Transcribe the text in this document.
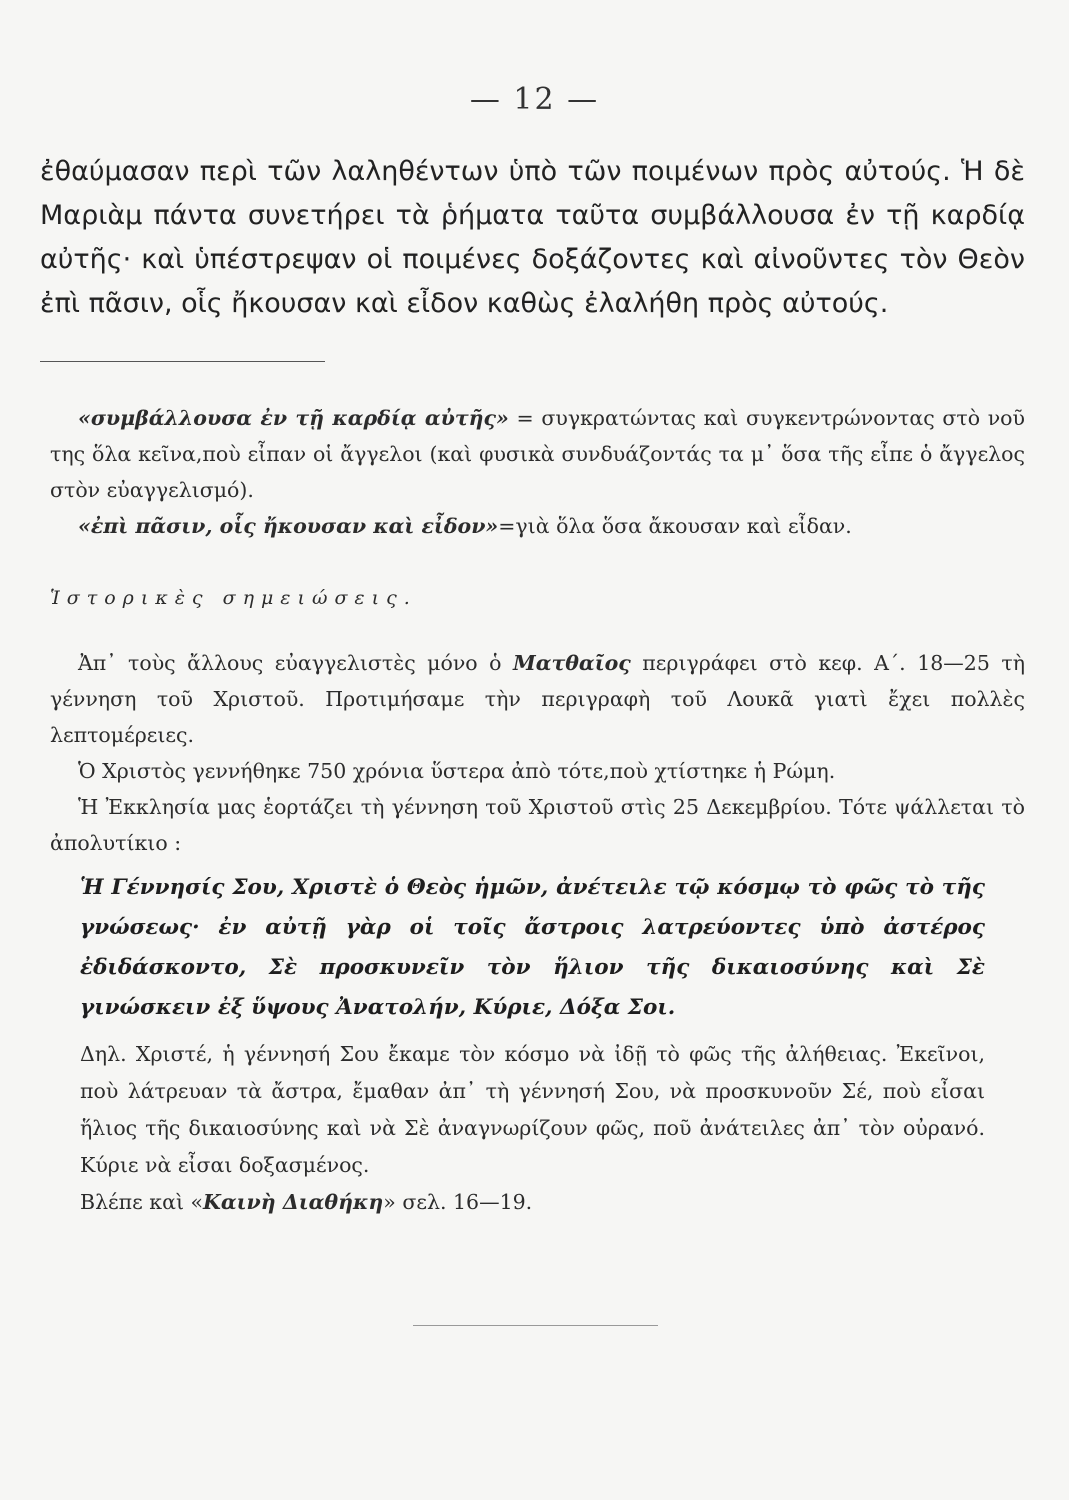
— 12 —

ἐθαύμασαν περὶ τῶν λαληθέντων ὑπὸ τῶν ποιμένων πρὸς αὐτούς. Ἡ δὲ Μαριὰμ πάντα συνετήρει τὰ ῥήματα ταῦτα συμβάλλουσα ἐν τῇ καρδίᾳ αὐτῆς· καὶ ὑπέστρεψαν οἱ ποιμένες δοξάζοντες καὶ αἰνοῦντες τὸν Θεὸν ἐπὶ πᾶσιν, οἷς ἤκουσαν καὶ εἶδον καθὼς ἐλαλήθη πρὸς αὐτούς.

«συμβάλλουσα ἐν τῇ καρδίᾳ αὐτῆς» = συγκρατώντας καὶ συγκεντρώνοντας στὸ νοῦ της ὅλα κεῖνα,ποὺ εἶπαν οἱ ἄγγελοι (καὶ φυσικὰ συνδυάζοντάς τα μ᾽ ὅσα τῆς εἶπε ὁ ἄγγελος στὸν εὐαγγελισμό).

«ἐπὶ πᾶσιν, οἷς ἤκουσαν καὶ εἶδον»=γιὰ ὅλα ὅσα ἄκουσαν καὶ εἶδαν.

Ἱστορικὲς σημειώσεις.

Ἀπ᾽ τοὺς ἄλλους εὐαγγελιστὲς μόνο ὁ Ματθαῖος περιγράφει στὸ κεφ. Α΄. 18—25 τὴ γέννηση τοῦ Χριστοῦ. Προτιμήσαμε τὴν περιγραφὴ τοῦ Λουκᾶ γιατὶ ἔχει πολλὲς λεπτομέρειες.

Ὁ Χριστὸς γεννήθηκε 750 χρόνια ὕστερα ἀπὸ τότε,ποὺ χτίστηκε ἡ Ρώμη.

Ἡ Ἐκκλησία μας ἑορτάζει τὴ γέννηση τοῦ Χριστοῦ στὶς 25 Δεκεμβρίου. Τότε ψάλλεται τὸ ἀπολυτίκιο :

Ἡ Γέννησίς Σου, Χριστὲ ὁ Θεὸς ἡμῶν, ἀνέτειλε τῷ κόσμῳ τὸ φῶς τὸ τῆς γνώσεως· ἐν αὐτῇ γὰρ οἱ τοῖς ἄστροις λατρεύοντες ὑπὸ ἀστέρος ἐδιδάσκοντο, Σὲ προσκυνεῖν τὸν ἥλιον τῆς δικαιοσύνης καὶ Σὲ γινώσκειν ἐξ ὕψους Ἀνατολήν, Κύριε, Δόξα Σοι.

Δηλ. Χριστέ, ἡ γέννησή Σου ἔκαμε τὸν κόσμο νὰ ἰδῇ τὸ φῶς τῆς ἀλήθειας. Ἐκεῖνοι, ποὺ λάτρευαν τὰ ἄστρα, ἔμαθαν ἀπ᾽ τὴ γέννησή Σου, νὰ προσκυνοῦν Σέ, ποὺ εἶσαι ἥλιος τῆς δικαιοσύνης καὶ νὰ Σὲ ἀναγνωρίζουν φῶς, ποῦ ἀνάτειλες ἀπ᾽ τὸν οὐρανό. Κύριε νὰ εἶσαι δοξασμένος.

Βλέπε καὶ «Καινὴ Διαθήκη» σελ. 16—19.
